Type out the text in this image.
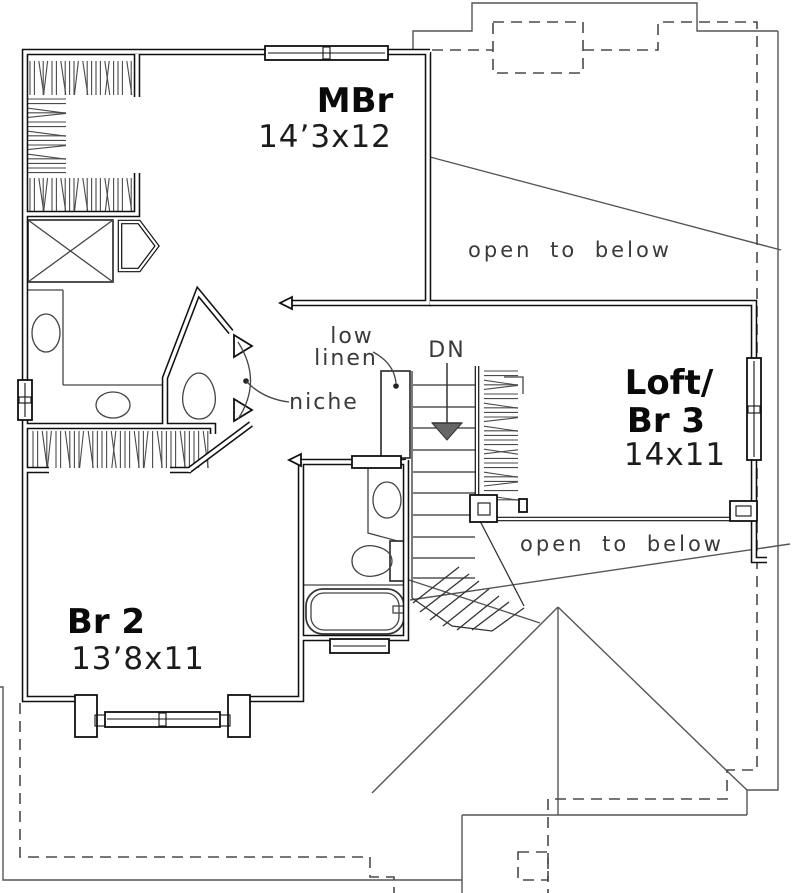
MBr
14’3x12
open to below
low
linen DN
niche	Loft/
Br 3
14x11
open to below
Br 2
13’8x11
